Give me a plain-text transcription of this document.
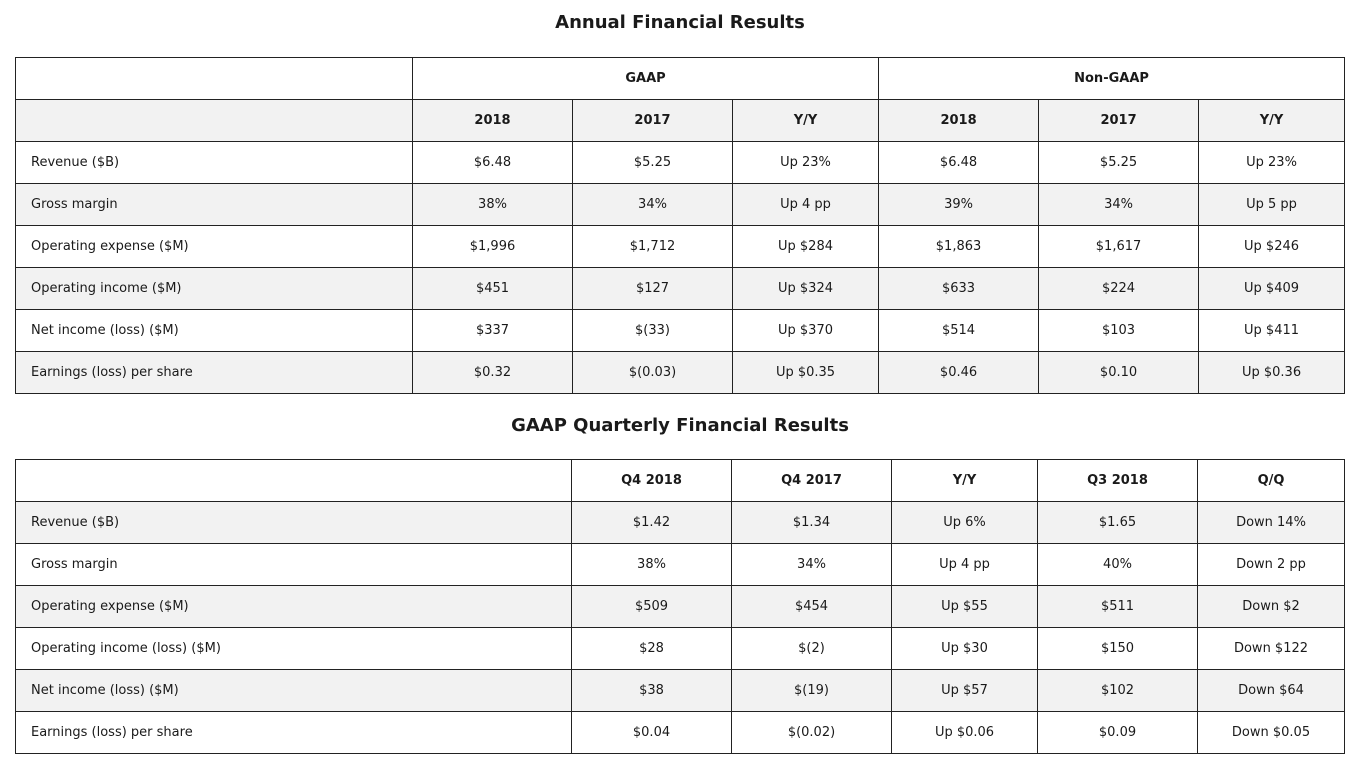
Annual Financial Results
	GAAP			Non-GAAP		
	2018	2017	Y/Y	2018	2017	Y/Y
Revenue ($B)	$6.48	$5.25	Up 23%	$6.48	$5.25	Up 23%
Gross margin	38%	34%	Up 4 pp	39%	34%	Up 5 pp
Operating expense ($M)	$1,996	$1,712	Up $284	$1,863	$1,617	Up $246
Operating income ($M)	$451	$127	Up $324	$633	$224	Up $409
Net income (loss) ($M)	$337	$(33)	Up $370	$514	$103	Up $411
Earnings (loss) per share	$0.32	$(0.03)	Up $0.35	$0.46	$0.10	Up $0.36
GAAP Quarterly Financial Results
	Q4 2018	Q4 2017	Y/Y	Q3 2018	Q/Q
Revenue ($B)	$1.42	$1.34	Up 6%	$1.65	Down 14%
Gross margin	38%	34%	Up 4 pp	40%	Down 2 pp
Operating expense ($M)	$509	$454	Up $55	$511	Down $2
Operating income (loss) ($M)	$28	$(2)	Up $30	$150	Down $122
Net income (loss) ($M)	$38	$(19)	Up $57	$102	Down $64
Earnings (loss) per share	$0.04	$(0.02)	Up $0.06	$0.09	Down $0.05
